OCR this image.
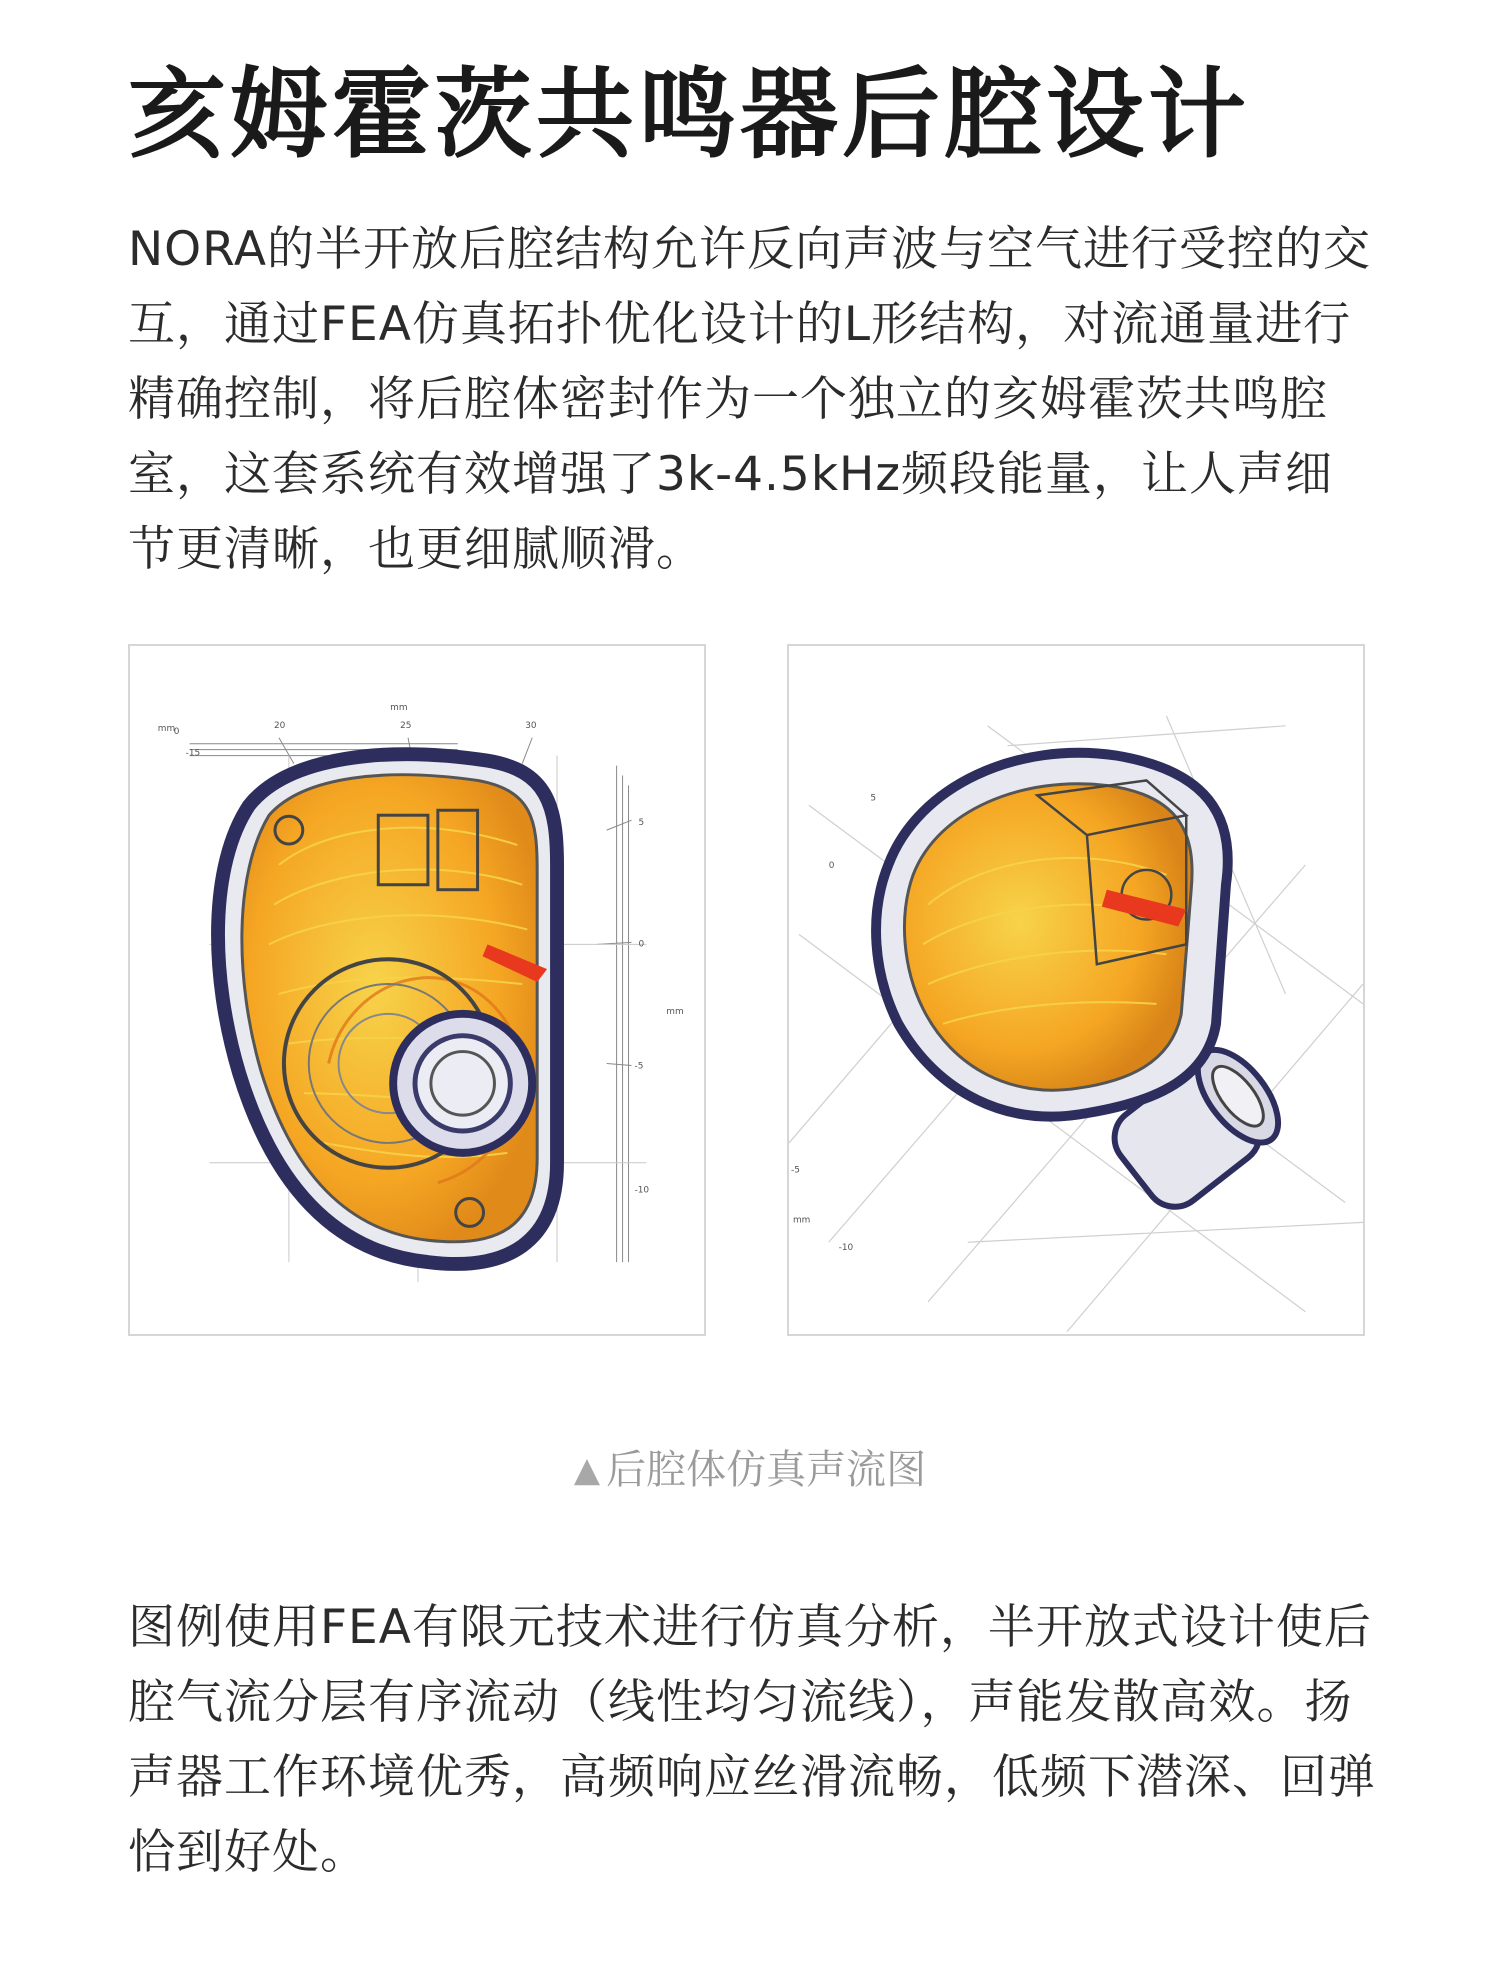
亥姆霍茨共鸣器后腔设计

NORA的半开放后腔结构允许反向声波与空气进行受控的交互，通过FEA仿真拓扑优化设计的L形结构，对流通量进行精确控制，将后腔体密封作为一个独立的亥姆霍茨共鸣腔室，这套系统有效增强了3k-4.5kHz频段能量，让人声细节更清晰，也更细腻顺滑。

mm
0
20	25	30
mm
-15
5
0
-5
-10
mm
5
0
-5
-10
mm

▲ 后腔体仿真声流图

图例使用FEA有限元技术进行仿真分析，半开放式设计使后腔气流分层有序流动（线性均匀流线），声能发散高效。扬声器工作环境优秀，高频响应丝滑流畅，低频下潜深、回弹恰到好处。
